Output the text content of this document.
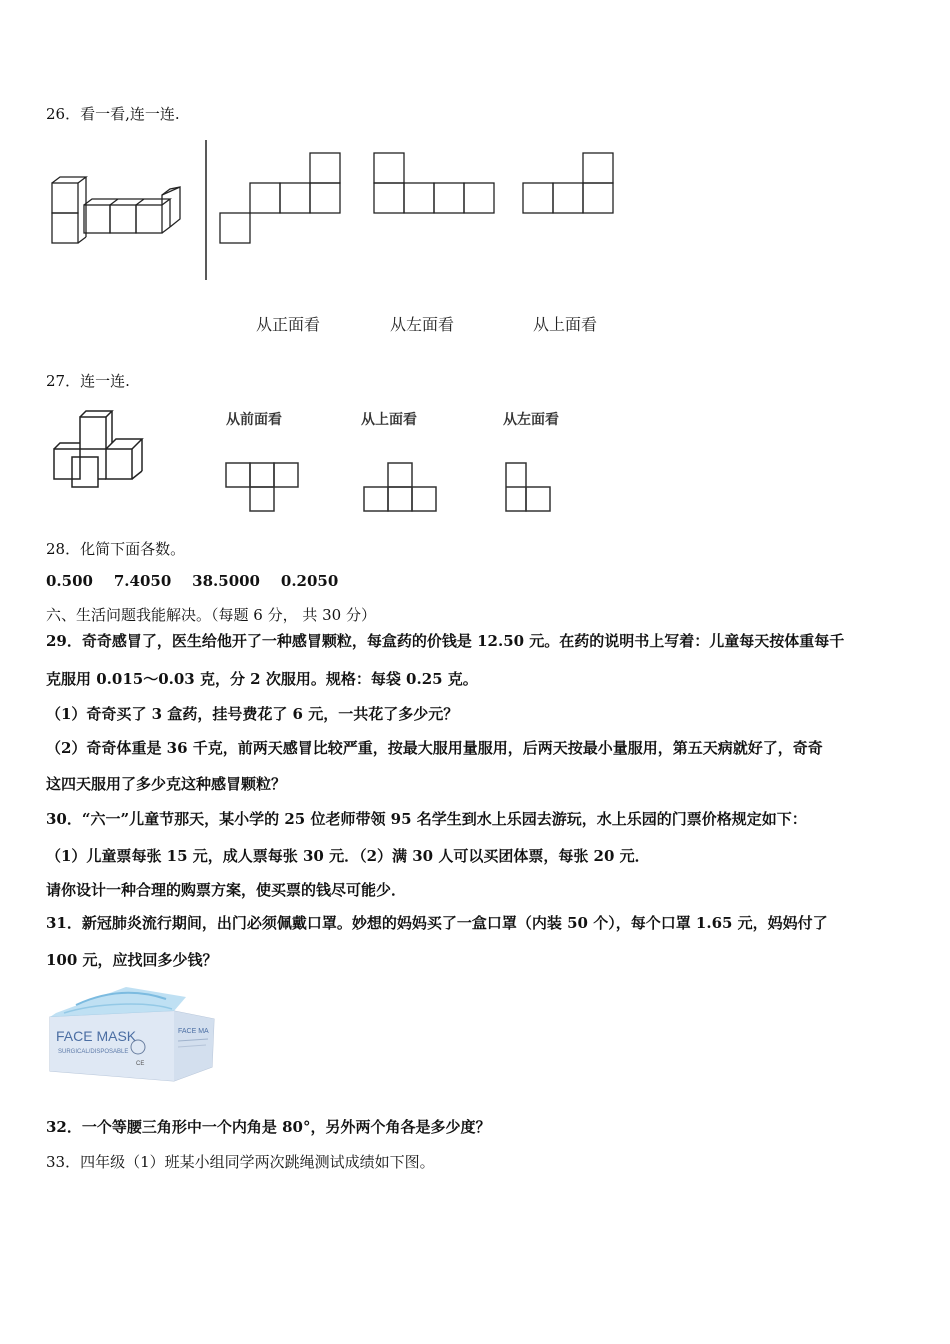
26．看一看,连一连.
从正面看	从左面看	从上面看
27．连一连.
从前面看	从上面看	从左面看
28．化简下面各数。
0.500    7.4050    38.5000    0.2050
六、生活问题我能解决。（每题 6 分， 共 30 分）
29．奇奇感冒了，医生给他开了一种感冒颗粒，每盒药的价钱是 12.50 元。在药的说明书上写着：儿童每天按体重每千
克服用 0.015～0.03 克，分 2 次服用。规格：每袋 0.25 克。
（1）奇奇买了 3 盒药，挂号费花了 6 元，一共花了多少元？
（2）奇奇体重是 36 千克，前两天感冒比较严重，按最大服用量服用，后两天按最小量服用，第五天病就好了，奇奇
这四天服用了多少克这种感冒颗粒？
30．“六一”儿童节那天，某小学的 25 位老师带领 95 名学生到水上乐园去游玩，水上乐园的门票价格规定如下：
（1）儿童票每张 15 元，成人票每张 30 元．（2）满 30 人可以买团体票，每张 20 元．
请你设计一种合理的购票方案，使买票的钱尽可能少．
31．新冠肺炎流行期间，出门必须佩戴口罩。妙想的妈妈买了一盒口罩（内装 50 个），每个口罩 1.65 元，妈妈付了
100 元，应找回多少钱？
FACE MASK
SURGICAL/DISPOSABLE
CE
FACE MA
32．一个等腰三角形中一个内角是 80°，另外两个角各是多少度？
33．四年级（1）班某小组同学两次跳绳测试成绩如下图。
